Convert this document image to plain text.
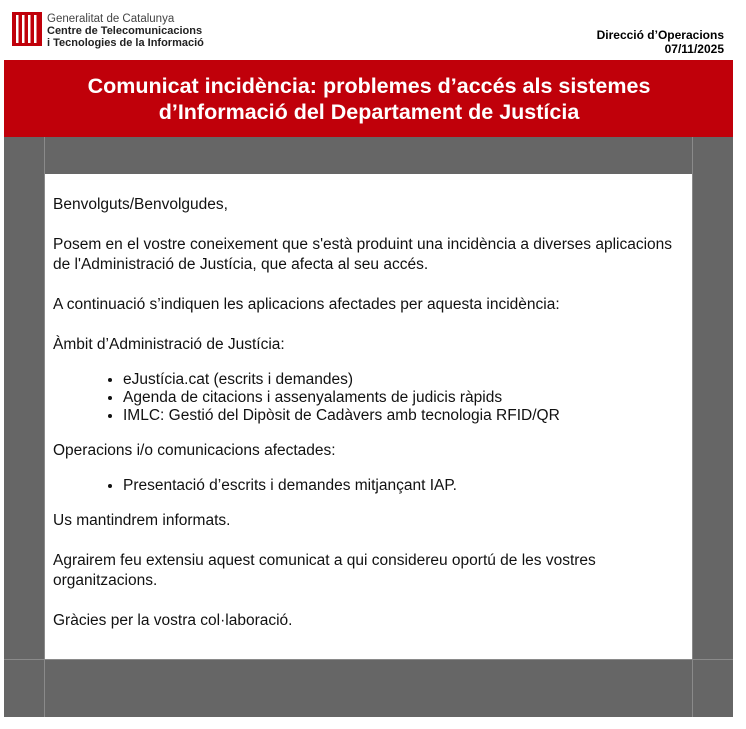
Generalitat de Catalunya
Centre de Telecomunicacions
i Tecnologies de la Informació
Direcció d’Operacions
07/11/2025
Comunicat incidència: problemes d’accés als sistemes d’Informació del Departament de Justícia

Benvolguts/Benvolgudes,

Posem en el vostre coneixement que s'està produint una incidència a diverses aplicacions de l'Administració de Justícia, que afecta al seu accés.

A continuació s’indiquen les aplicacions afectades per aquesta incidència:

Àmbit d’Administració de Justícia:

• eJustícia.cat (escrits i demandes)
• Agenda de citacions i assenyalaments de judicis ràpids
• IMLC: Gestió del Dipòsit de Cadàvers amb tecnologia RFID/QR

Operacions i/o comunicacions afectades:

• Presentació d’escrits i demandes mitjançant IAP.

Us mantindrem informats.

Agrairem feu extensiu aquest comunicat a qui considereu oportú de les vostres organitzacions.

Gràcies per la vostra col·laboració.
